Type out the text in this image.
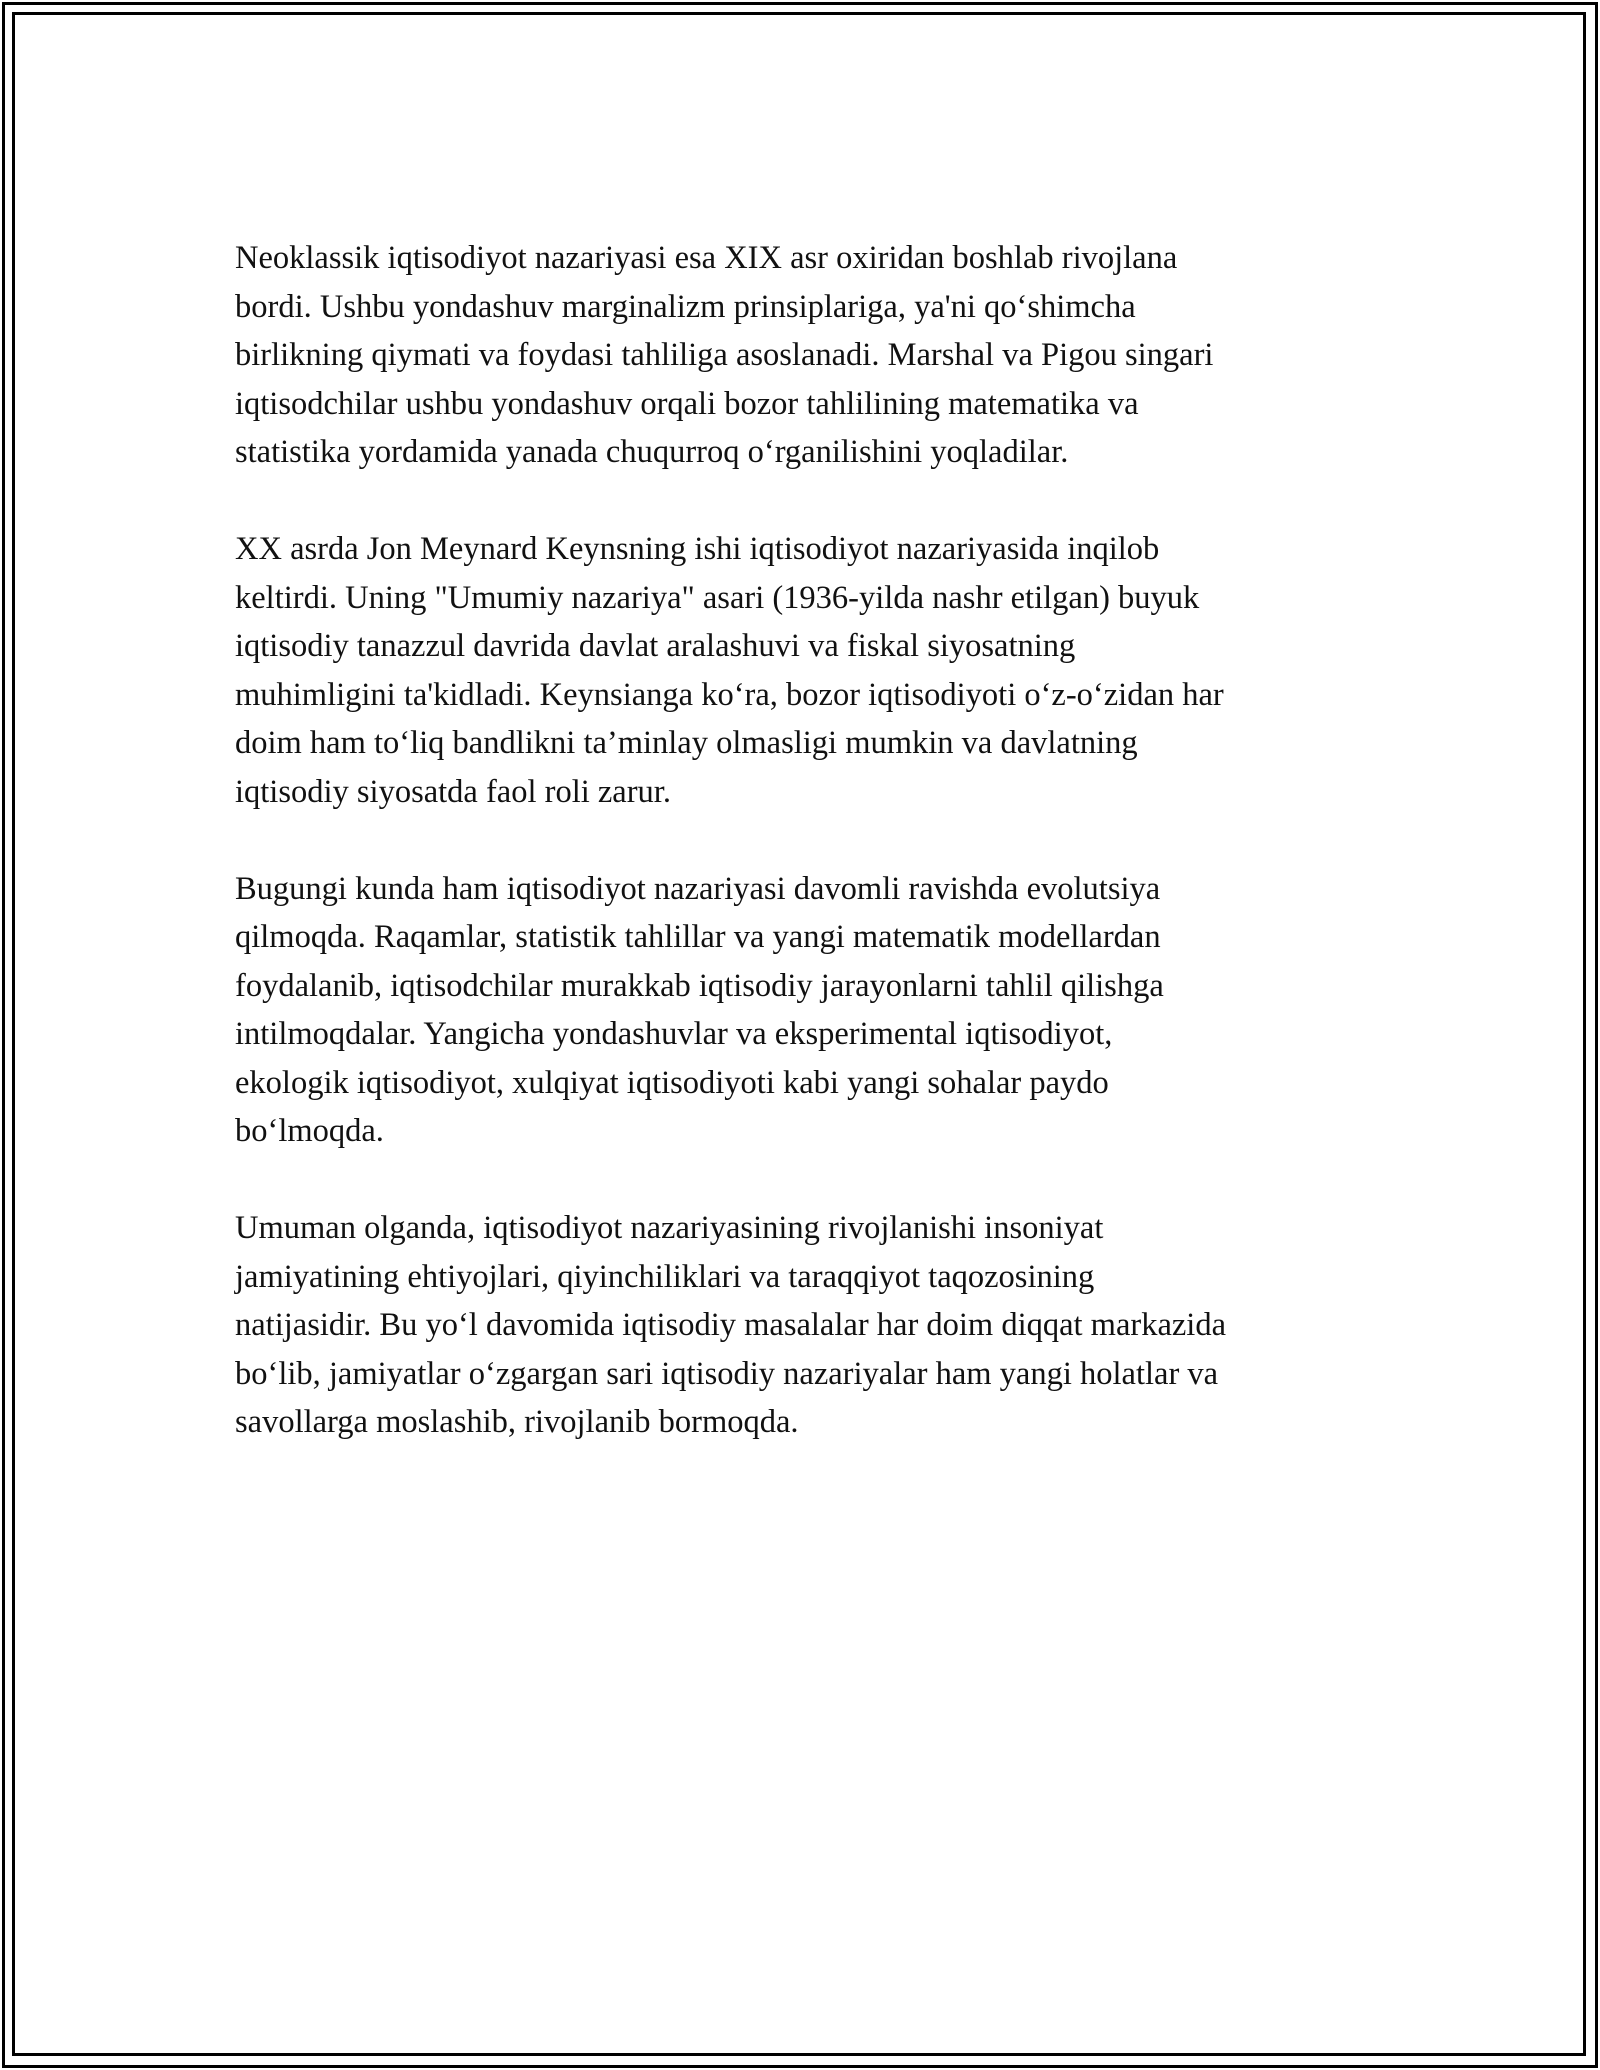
Neoklassik iqtisodiyot nazariyasi esa XIX asr oxiridan boshlab rivojlana
bordi. Ushbu yondashuv marginalizm prinsiplariga, ya'ni qo‘shimcha
birlikning qiymati va foydasi tahliliga asoslanadi. Marshal va Pigou singari
iqtisodchilar ushbu yondashuv orqali bozor tahlilining matematika va
statistika yordamida yanada chuqurroq o‘rganilishini yoqladilar.

XX asrda Jon Meynard Keynsning ishi iqtisodiyot nazariyasida inqilob
keltirdi. Uning "Umumiy nazariya" asari (1936-yilda nashr etilgan) buyuk
iqtisodiy tanazzul davrida davlat aralashuvi va fiskal siyosatning
muhimligini ta'kidladi. Keynsianga ko‘ra, bozor iqtisodiyoti o‘z-o‘zidan har
doim ham to‘liq bandlikni ta’minlay olmasligi mumkin va davlatning
iqtisodiy siyosatda faol roli zarur.

Bugungi kunda ham iqtisodiyot nazariyasi davomli ravishda evolutsiya
qilmoqda. Raqamlar, statistik tahlillar va yangi matematik modellardan
foydalanib, iqtisodchilar murakkab iqtisodiy jarayonlarni tahlil qilishga
intilmoqdalar. Yangicha yondashuvlar va eksperimental iqtisodiyot,
ekologik iqtisodiyot, xulqiyat iqtisodiyoti kabi yangi sohalar paydo
bo‘lmoqda.

Umuman olganda, iqtisodiyot nazariyasining rivojlanishi insoniyat
jamiyatining ehtiyojlari, qiyinchiliklari va taraqqiyot taqozosining
natijasidir. Bu yo‘l davomida iqtisodiy masalalar har doim diqqat markazida
bo‘lib, jamiyatlar o‘zgargan sari iqtisodiy nazariyalar ham yangi holatlar va
savollarga moslashib, rivojlanib bormoqda.
